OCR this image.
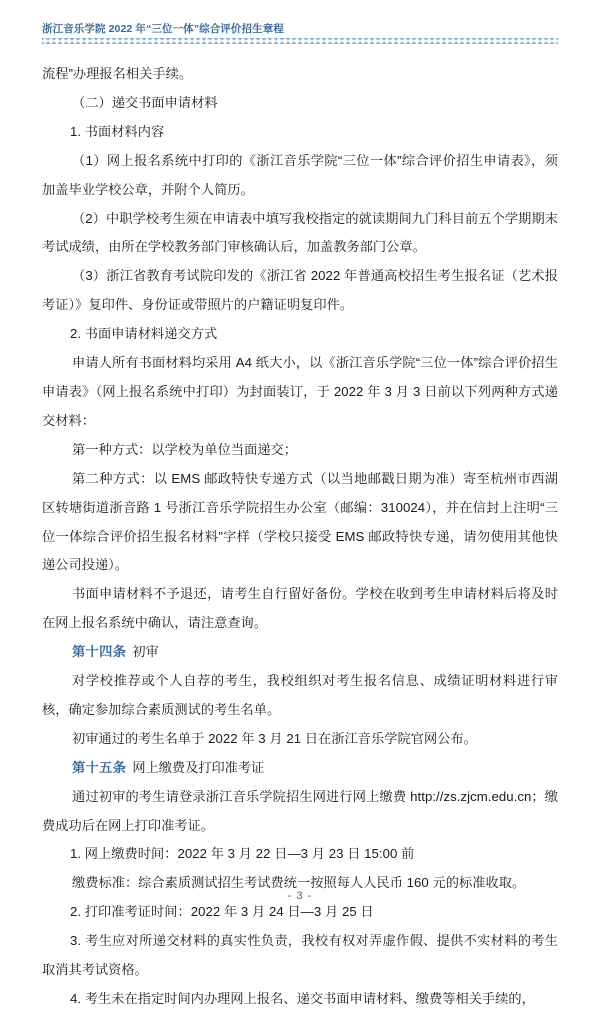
浙江音乐学院 2022 年“三位一体”综合评价招生章程

流程”办理报名相关手续。

（二）递交书面申请材料

1. 书面材料内容

（1）网上报名系统中打印的《浙江音乐学院“三位一体”综合评价招生申请表》，须加盖毕业学校公章，并附个人简历。

（2）中职学校考生须在申请表中填写我校指定的就读期间九门科目前五个学期期末考试成绩，由所在学校教务部门审核确认后，加盖教务部门公章。

（3）浙江省教育考试院印发的《浙江省 2022 年普通高校招生考生报名证（艺术报考证）》复印件、身份证或带照片的户籍证明复印件。

2. 书面申请材料递交方式

申请人所有书面材料均采用 A4 纸大小，以《浙江音乐学院“三位一体”综合评价招生申请表》（网上报名系统中打印）为封面装订，于 2022 年 3 月 3 日前以下列两种方式递交材料：

第一种方式：以学校为单位当面递交；

第二种方式：以 EMS 邮政特快专递方式（以当地邮戳日期为准）寄至杭州市西湖区转塘街道浙音路 1 号浙江音乐学院招生办公室（邮编：310024），并在信封上注明“三位一体综合评价招生报名材料”字样（学校只接受 EMS 邮政特快专递，请勿使用其他快递公司投递）。

书面申请材料不予退还，请考生自行留好备份。学校在收到考生申请材料后将及时在网上报名系统中确认，请注意查询。

第十四条 初审

对学校推荐或个人自荐的考生，我校组织对考生报名信息、成绩证明材料进行审核，确定参加综合素质测试的考生名单。

初审通过的考生名单于 2022 年 3 月 21 日在浙江音乐学院官网公布。

第十五条 网上缴费及打印准考证

通过初审的考生请登录浙江音乐学院招生网进行网上缴费 http://zs.zjcm.edu.cn；缴费成功后在网上打印准考证。

1. 网上缴费时间：2022 年 3 月 22 日—3 月 23 日 15:00 前

缴费标准：综合素质测试招生考试费统一按照每人人民币 160 元的标准收取。

2. 打印准考证时间：2022 年 3 月 24 日—3 月 25 日

3. 考生应对所递交材料的真实性负责，我校有权对弄虚作假、提供不实材料的考生取消其考试资格。

4. 考生未在指定时间内办理网上报名、递交书面申请材料、缴费等相关手续的，

- 3 -
